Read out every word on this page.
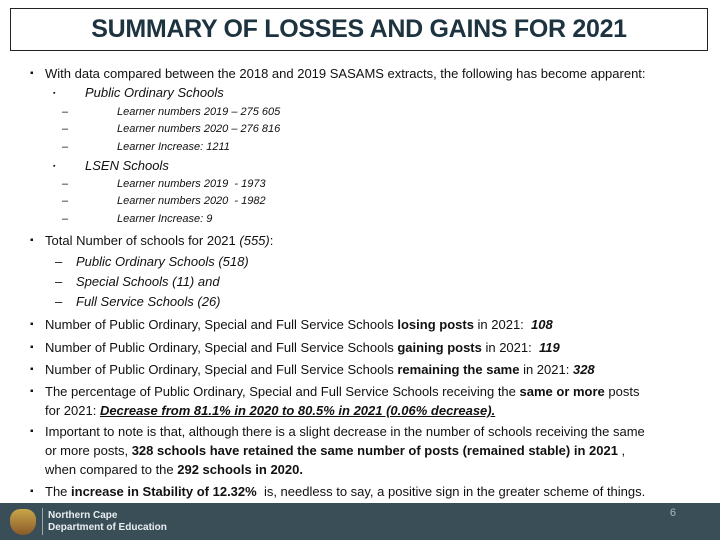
SUMMARY OF LOSSES AND GAINS FOR 2021
▪ With data compared between the 2018 and 2019 SASAMS extracts, the following has become apparent:
▪ Public Ordinary Schools
–	Learner numbers 2019 – 275 605
–	Learner numbers 2020 – 276 816
–	Learner Increase: 1211
▪ LSEN Schools
–	Learner numbers 2019  - 1973
–	Learner numbers 2020  - 1982
–	Learner Increase: 9
▪ Total Number of schools for 2021 (555):
– Public Ordinary Schools (518)
– Special Schools (11) and
– Full Service Schools (26)
▪ Number of Public Ordinary, Special and Full Service Schools losing posts in 2021:  108
▪ Number of Public Ordinary, Special and Full Service Schools gaining posts in 2021:  119
▪ Number of Public Ordinary, Special and Full Service Schools remaining the same in 2021: 328
▪ The percentage of Public Ordinary, Special and Full Service Schools receiving the same or more posts
for 2021: Decrease from 81.1% in 2020 to 80.5% in 2021 (0.06% decrease).
▪ Important to note is that, although there is a slight decrease in the number of schools receiving the same
or more posts, 328 schools have retained the same number of posts (remained stable) in 2021 ,
when compared to the 292 schools in 2020.
▪ The increase in Stability of 12.32%  is, needless to say, a positive sign in the greater scheme of things.
Northern Cape
Department of Education
6
